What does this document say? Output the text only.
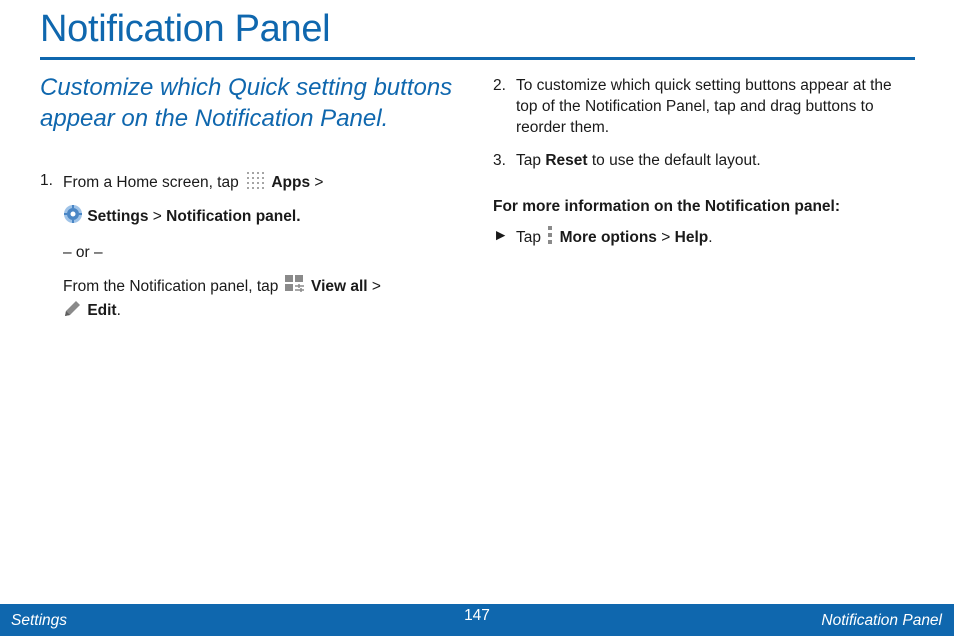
Notification Panel
Customize which Quick setting buttons appear on the Notification Panel.
1. From a Home screen, tap Apps >
Settings > Notification panel.
– or –
From the Notification panel, tap View all >
Edit.
2. To customize which quick setting buttons appear at the top of the Notification Panel, tap and drag buttons to reorder them.
3. Tap Reset to use the default layout.
For more information on the Notification panel:
► Tap More options > Help.
Settings	147	Notification Panel
